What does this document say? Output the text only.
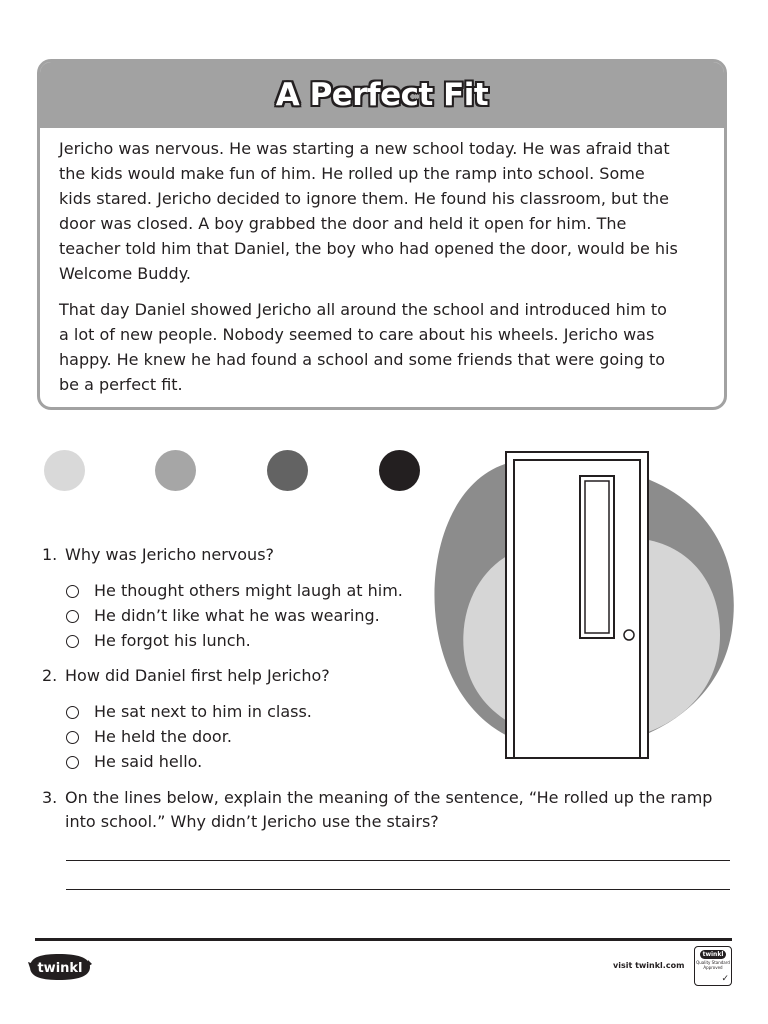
A Perfect Fit

Jericho was nervous. He was starting a new school today. He was afraid that
the kids would make fun of him. He rolled up the ramp into school. Some
kids stared. Jericho decided to ignore them. He found his classroom, but the
door was closed. A boy grabbed the door and held it open for him. The
teacher told him that Daniel, the boy who had opened the door, would be his
Welcome Buddy.

That day Daniel showed Jericho all around the school and introduced him to
a lot of new people. Nobody seemed to care about his wheels. Jericho was
happy. He knew he had found a school and some friends that were going to
be a perfect fit.

1. Why was Jericho nervous?
He thought others might laugh at him.
He didn’t like what he was wearing.
He forgot his lunch.
2. How did Daniel first help Jericho?
He sat next to him in class.
He held the door.
He said hello.
3. On the lines below, explain the meaning of the sentence, “He rolled up the ramp
into school.” Why didn’t Jericho use the stairs?
twinkl	visit twinkl.com
twinkl
Quality Standard
Approved
✓
